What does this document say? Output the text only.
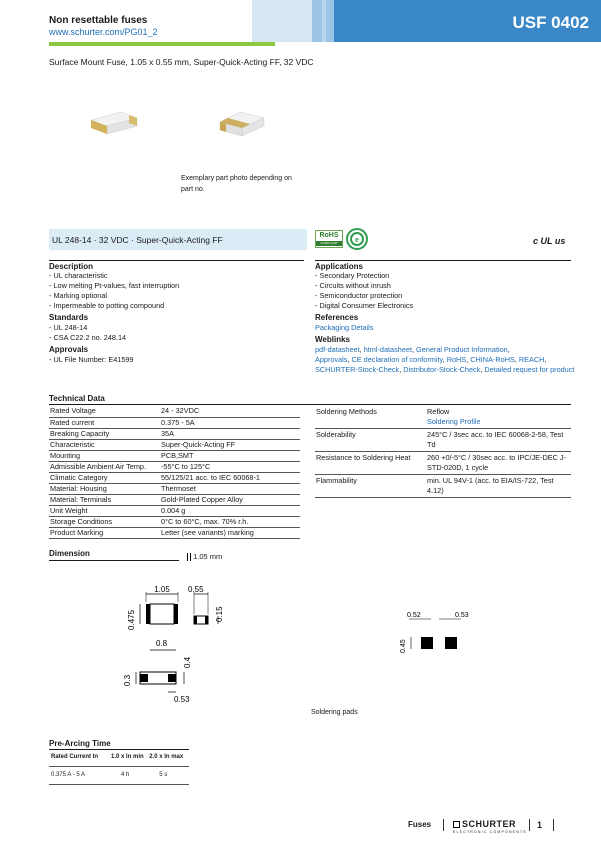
Non resettable fuses
www.schurter.com/PG01_2	USF 0402
Surface Mount Fuse, 1.05 x 0.55 mm, Super-Quick-Acting FF, 32 VDC
Exemplary part photo depending on part no.
UL 248-14 · 32 VDC · Super-Quick-Acting FF	RoHS
COMPLIANT	e	c UL us
Description
- UL characteristic
- Low melting Pt-values, fast interruption
- Marking optional
- Impermeable to potting compound
Standards
- UL 248-14
- CSA C22.2 no. 248.14
Approvals
- UL File Number: E41599
Applications
- Secondary Protection
- Circuits without inrush
- Semiconductor protection
- Digital Consumer Electronics
References
Packaging Details
Weblinks
pdf-datasheet, html-datasheet, General Product Information,
Approvals, CE declaration of conformity, RoHS, CHINA-RoHS, REACH,
SCHURTER-Stock-Check, Distributor-Stock-Check, Detailed request for product
Technical Data
Rated Voltage	24 - 32VDC
Rated current	0.375 - 5A
Breaking Capacity	35A
Characteristic	Super-Quick-Acting FF
Mounting	PCB,SMT
Admissible Ambient Air Temp.	-55°C to 125°C
Climatic Category	55/125/21 acc. to IEC 60068-1
Material: Housing	Thermoset
Material: Terminals	Gold-Plated Copper Alloy
Unit Weight	0.004 g
Storage Conditions	0°C to 60°C, max. 70% r.h.
Product Marking	Letter (see variants) marking
Soldering Methods	Reflow
Soldering Profile

Solderability	245°C / 3sec acc. to IEC 60068-2-58, Test Td
Resistance to Soldering Heat	260 +0/-5°C / 30sec acc. to IPC/JE-DEC J-STD-020D, 1 cycle
Flammability	min. UL 94V-1 (acc. to EIA/IS-722, Test 4.12)
Dimension	1.05 mm
1.05
0.475
0.55
0.15
0.3
0.8
0.4
0.53
0.52	0.53
0.45
Soldering pads
Pre-Arcing Time
Rated Current In	1.0 x In min	2.0 x In max
0.375 A - 5 A	4 h	5 s
Fuses	SCHURTER
ELECTRONIC COMPONENTS
1
